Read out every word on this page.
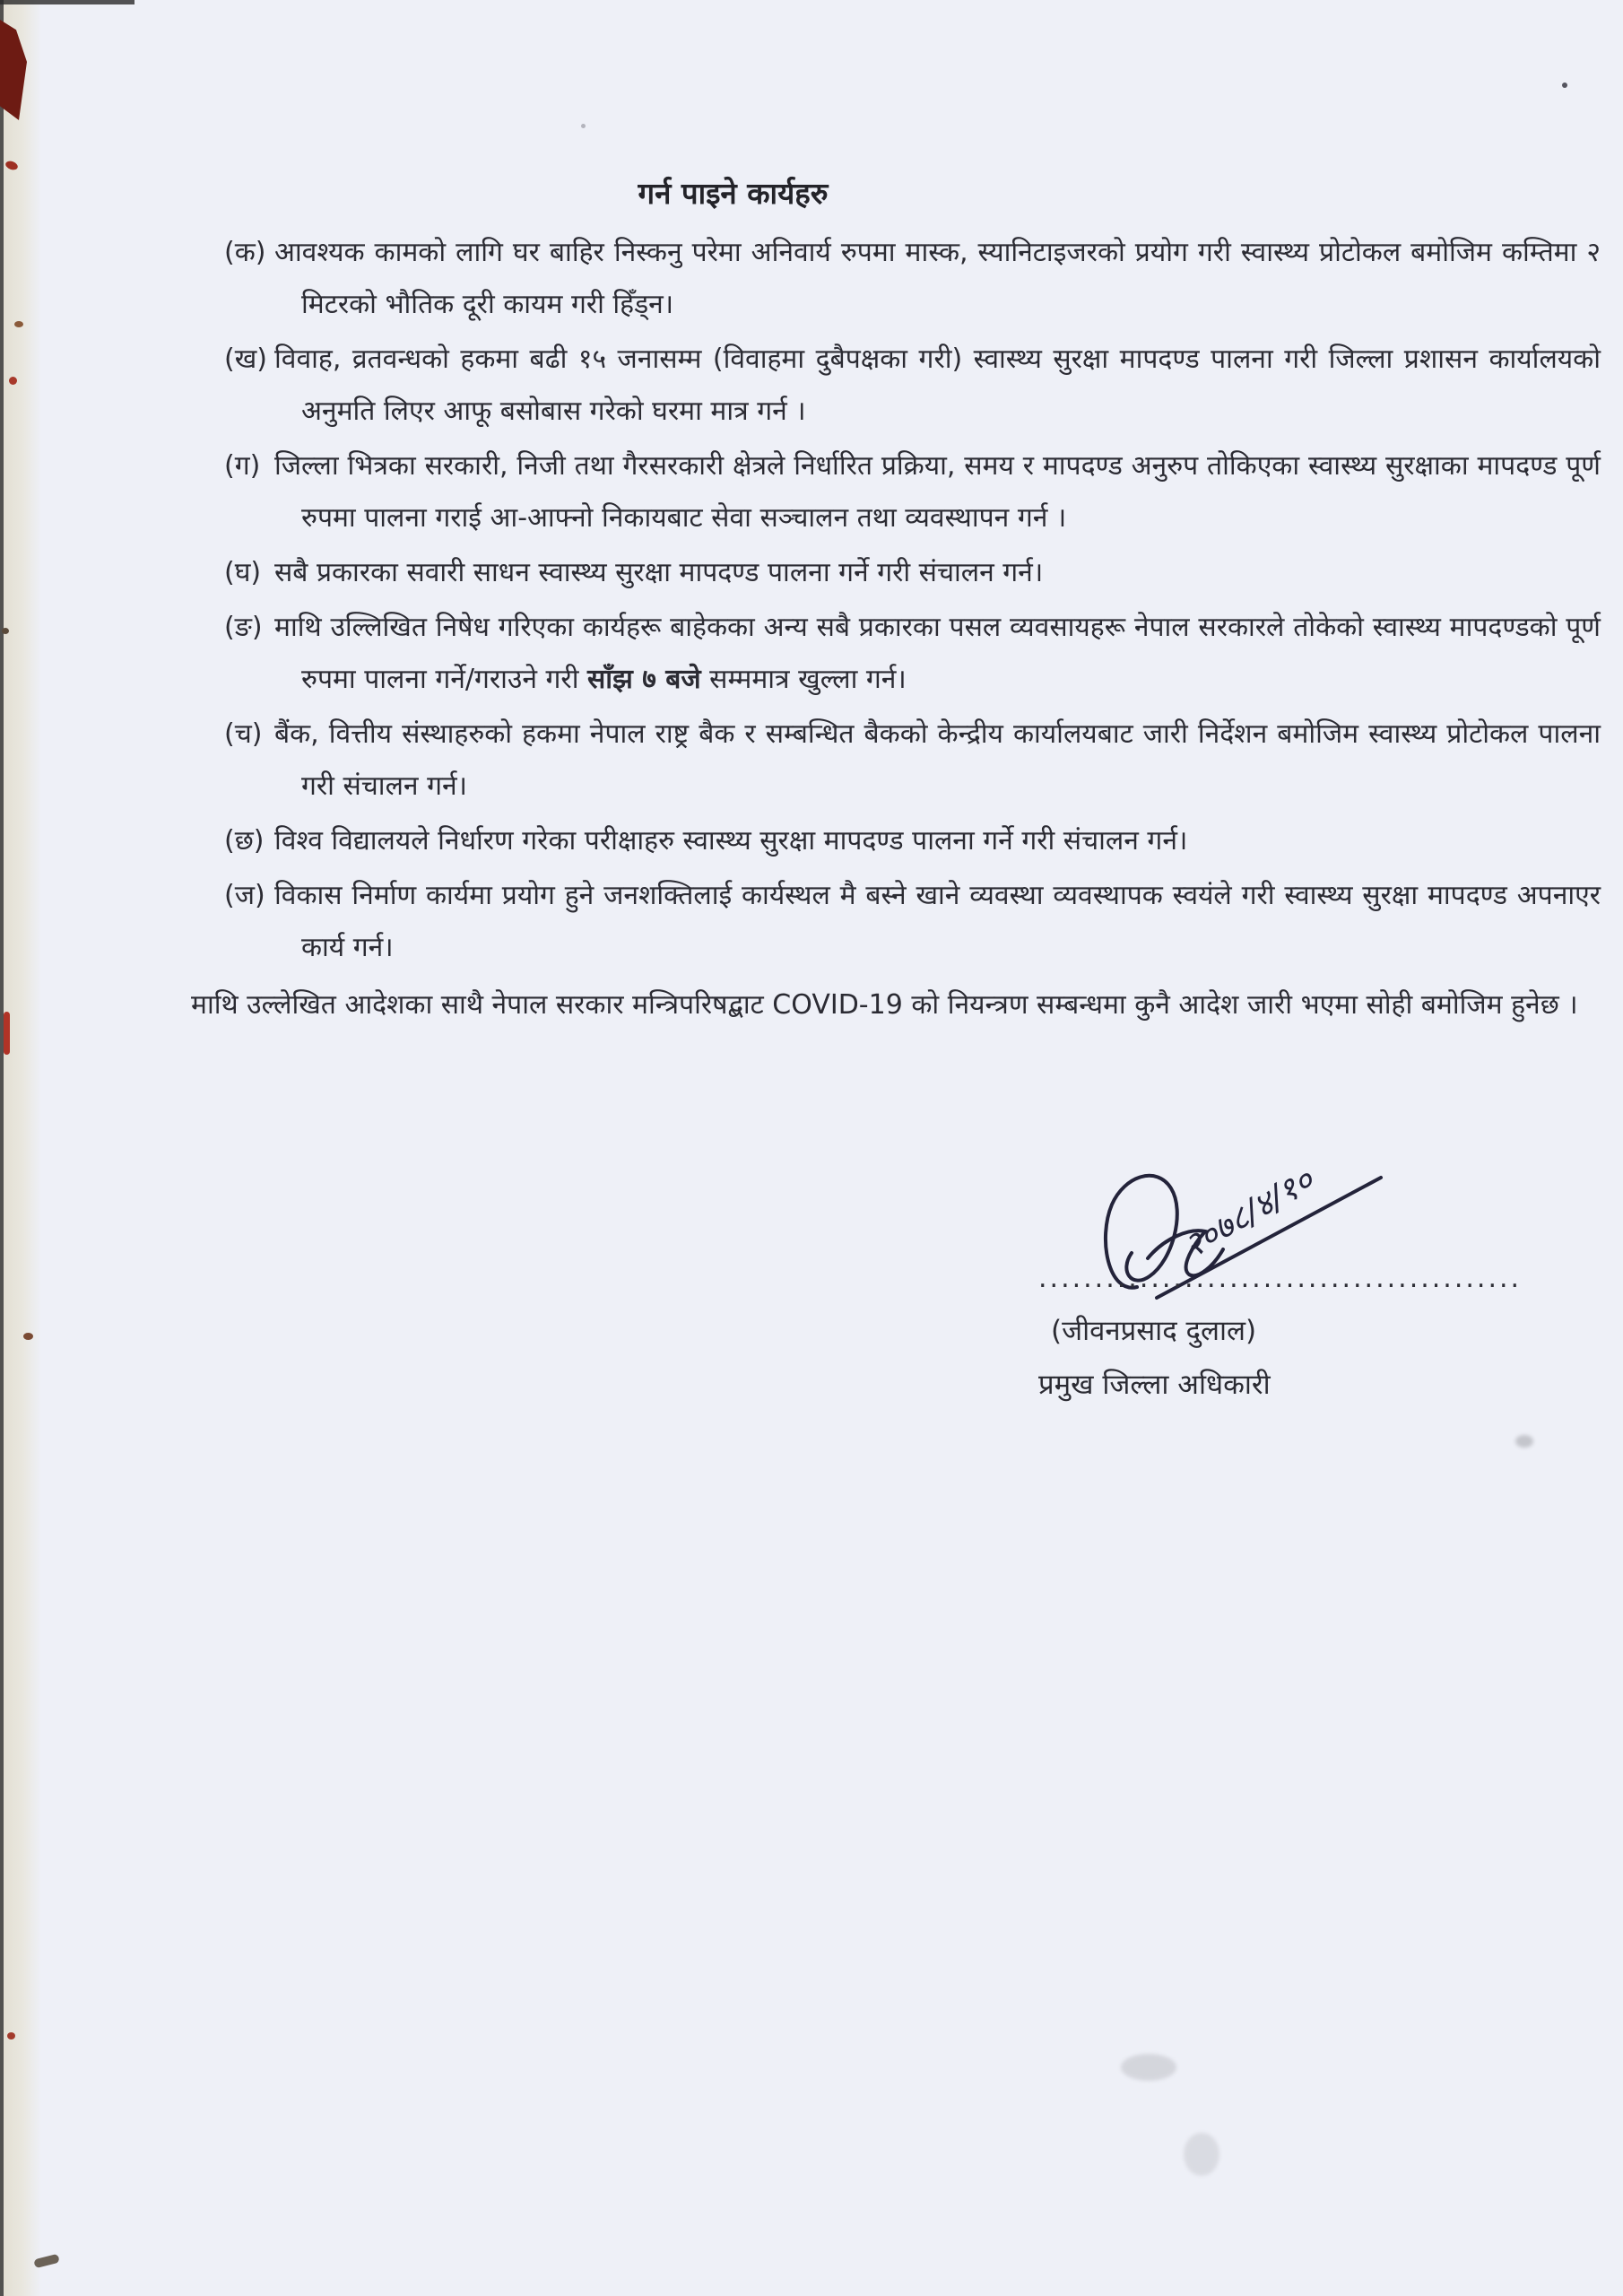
गर्न पाइने कार्यहरु
(क) आवश्यक कामको लागि घर बाहिर निस्कनु परेमा अनिवार्य रुपमा मास्क, स्यानिटाइजरको प्रयोग गरी स्वास्थ्य प्रोटोकल बमोजिम कम्तिमा २ मिटरको भौतिक दूरी कायम गरी हिँड्न।
(ख) विवाह, व्रतवन्धको हकमा बढी १५ जनासम्म (विवाहमा दुबैपक्षका गरी) स्वास्थ्य सुरक्षा मापदण्ड पालना गरी जिल्ला प्रशासन कार्यालयको अनुमति लिएर आफू बसोबास गरेको घरमा मात्र गर्न ।
(ग) जिल्ला भित्रका सरकारी, निजी तथा गैरसरकारी क्षेत्रले निर्धारित प्रक्रिया, समय र मापदण्ड अनुरुप तोकिएका स्वास्थ्य सुरक्षाका मापदण्ड पूर्ण रुपमा पालना गराई आ-आफ्नो निकायबाट सेवा सञ्चालन तथा व्यवस्थापन गर्न ।
(घ) सबै प्रकारका सवारी साधन स्वास्थ्य सुरक्षा मापदण्ड पालना गर्ने गरी संचालन गर्न।
(ङ) माथि उल्लिखित निषेध गरिएका कार्यहरू बाहेकका अन्य सबै प्रकारका पसल व्यवसायहरू नेपाल सरकारले तोकेको स्वास्थ्य मापदण्डको पूर्ण रुपमा पालना गर्ने/गराउने गरी साँझ ७ बजे सम्ममात्र खुल्ला गर्न।
(च) बैंक, वित्तीय संस्थाहरुको हकमा नेपाल राष्ट्र बैक र सम्बन्धित बैकको केन्द्रीय कार्यालयबाट जारी निर्देशन बमोजिम स्वास्थ्य प्रोटोकल पालना गरी संचालन गर्न।
(छ) विश्व विद्यालयले निर्धारण गरेका परीक्षाहरु स्वास्थ्य सुरक्षा मापदण्ड पालना गर्ने गरी संचालन गर्न।
(ज) विकास निर्माण कार्यमा प्रयोग हुने जनशक्तिलाई कार्यस्थल मै बस्ने खाने व्यवस्था व्यवस्थापक स्वयंले गरी स्वास्थ्य सुरक्षा मापदण्ड अपनाएर कार्य गर्न।
माथि उल्लेखित आदेशका साथै नेपाल सरकार मन्त्रिपरिषद्बाट COVID-19 को नियन्त्रण सम्बन्धमा कुनै आदेश जारी भएमा सोही बमोजिम हुनेछ ।
२०७८/४/१०
...........................................
(जीवनप्रसाद दुलाल)
प्रमुख जिल्ला अधिकारी
